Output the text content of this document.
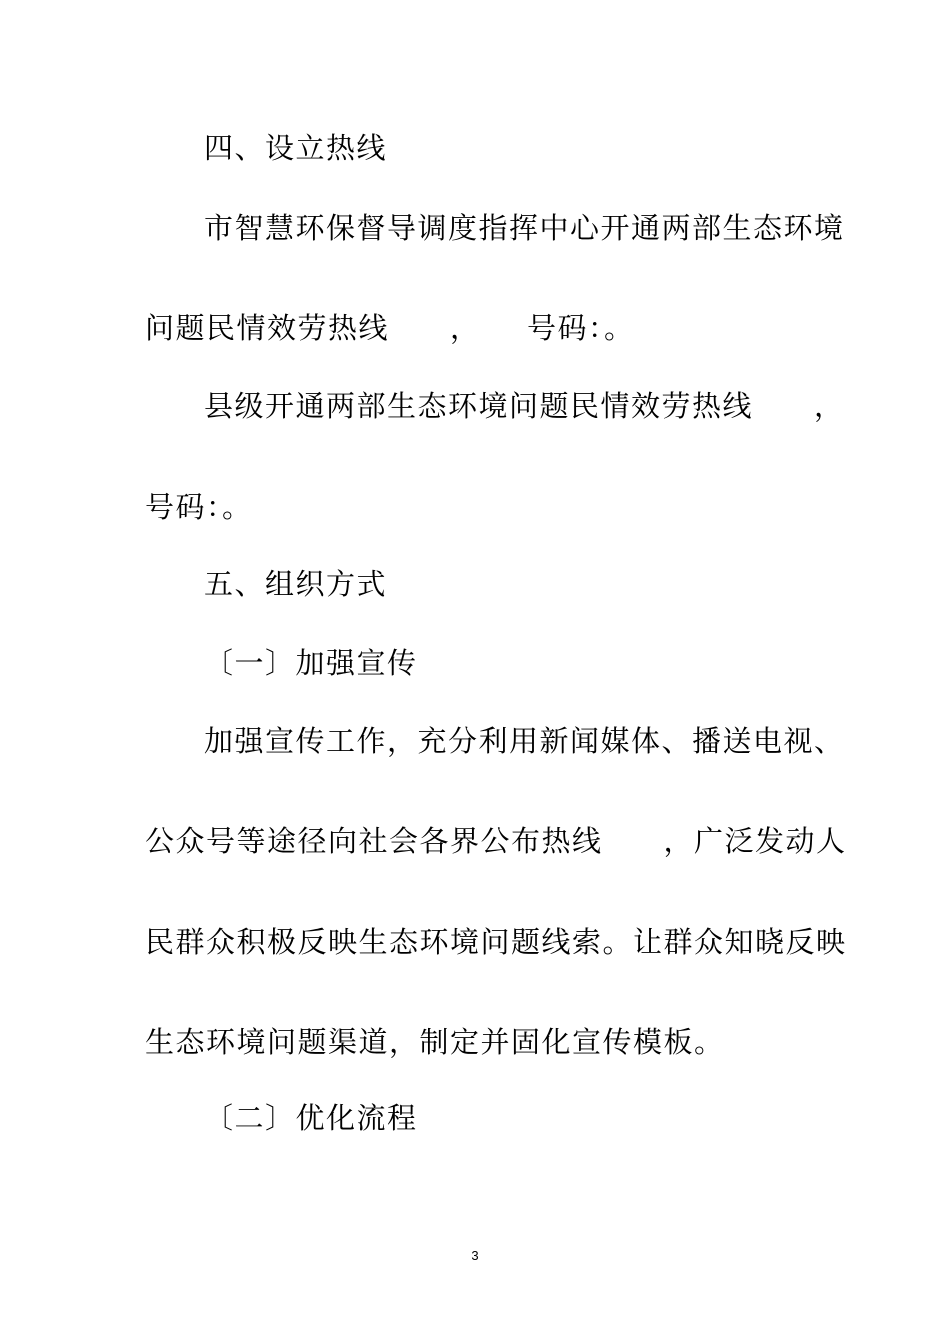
四、设立热线
市智慧环保督导调度指挥中心开通两部生态环境
问题民情效劳热线　　，　　号码：。
县级开通两部生态环境问题民情效劳热线　　，
号码：。
五、组织方式
〔一〕加强宣传
加强宣传工作，充分利用新闻媒体、播送电视、
公众号等途径向社会各界公布热线　　，广泛发动人
民群众积极反映生态环境问题线索。让群众知晓反映
生态环境问题渠道，制定并固化宣传模板。
〔二〕优化流程
3
